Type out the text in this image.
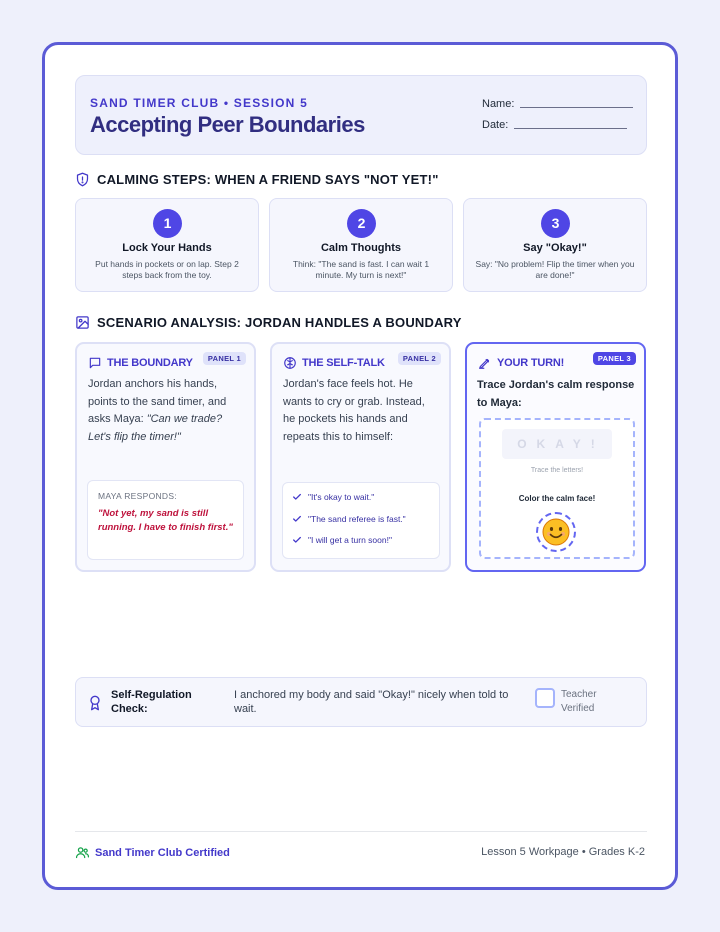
SAND TIMER CLUB • SESSION 5
Accepting Peer Boundaries
Name:
Date:
CALMING STEPS: WHEN A FRIEND SAYS "NOT YET!"
1
Lock Your Hands
Put hands in pockets or on lap. Step 2 steps back from the toy.
2
Calm Thoughts
Think: "The sand is fast. I can wait 1 minute. My turn is next!"
3
Say "Okay!"
Say: "No problem! Flip the timer when you are done!"
SCENARIO ANALYSIS: JORDAN HANDLES A BOUNDARY
THE BOUNDARY	PANEL 1
Jordan anchors his hands, points to the sand timer, and asks Maya: "Can we trade? Let's flip the timer!"
MAYA RESPONDS:
"Not yet, my sand is still running. I have to finish first."
THE SELF-TALK	PANEL 2
Jordan's face feels hot. He wants to cry or grab. Instead, he pockets his hands and repeats this to himself:
"It's okay to wait."
"The sand referee is fast."
"I will get a turn soon!"
YOUR TURN!	PANEL 3
Trace Jordan's calm response to Maya:
OKAY!
Trace the letters!
Color the calm face!
Self-Regulation Check:
I anchored my body and said "Okay!" nicely when told to wait.
Teacher Verified
Sand Timer Club Certified	Lesson 5 Workpage • Grades K-2
